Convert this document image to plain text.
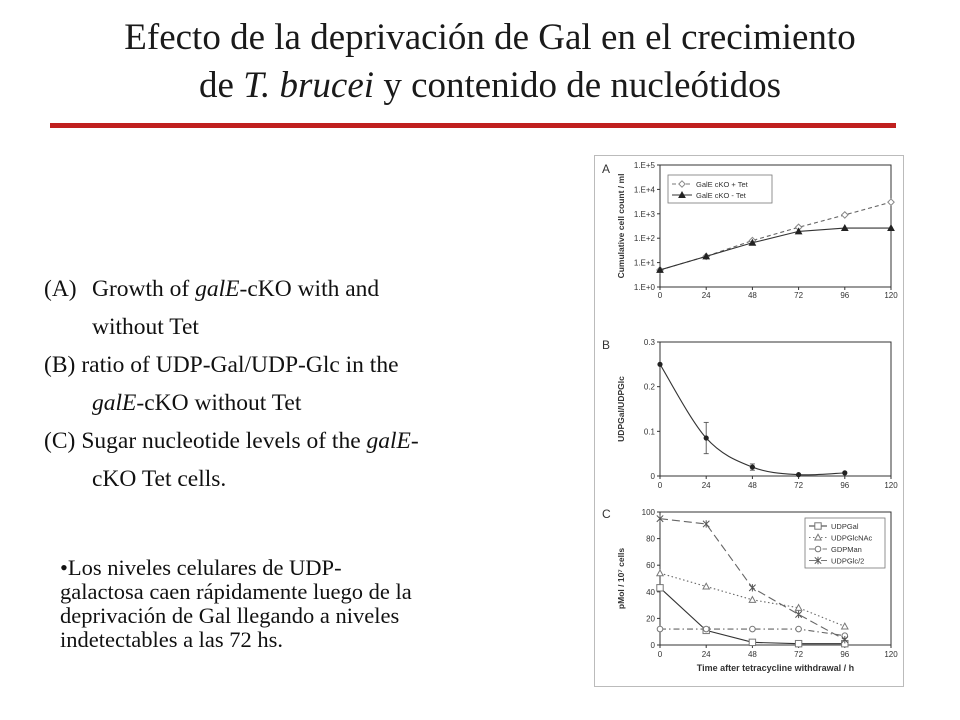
Efecto de la deprivación de Gal en el crecimiento
de T. brucei y contenido de nucleótidos
(A) Growth of galE-cKO with and
without Tet
(B) ratio of UDP-Gal/UDP-Glc in the
galE-cKO without Tet
(C) Sugar nucleotide levels of the galE-
cKO Tet cells.
•Los niveles celulares de UDP-
galactosa caen rápidamente luego de la
deprivación de Gal llegando a niveles
indetectables a las 72 hs.
A
1.E+0
1.E+1
1.E+2
1.E+3
1.E+4
1.E+5
0	24	48	72	96	120
Cumulative cell count / ml	GalE cKO + Tet
GalE cKO - Tet
B
0
0.1
0.2
0.3
0	24	48	72	96	120
UDPGal/UDPGlc
C
0
20
40
60
80
100
0	24	48	72	96	120
pMol / 10⁷ cells
Time after tetracycline withdrawal / h
UDPGal
UDPGlcNAc
GDPMan
UDPGlc/2
